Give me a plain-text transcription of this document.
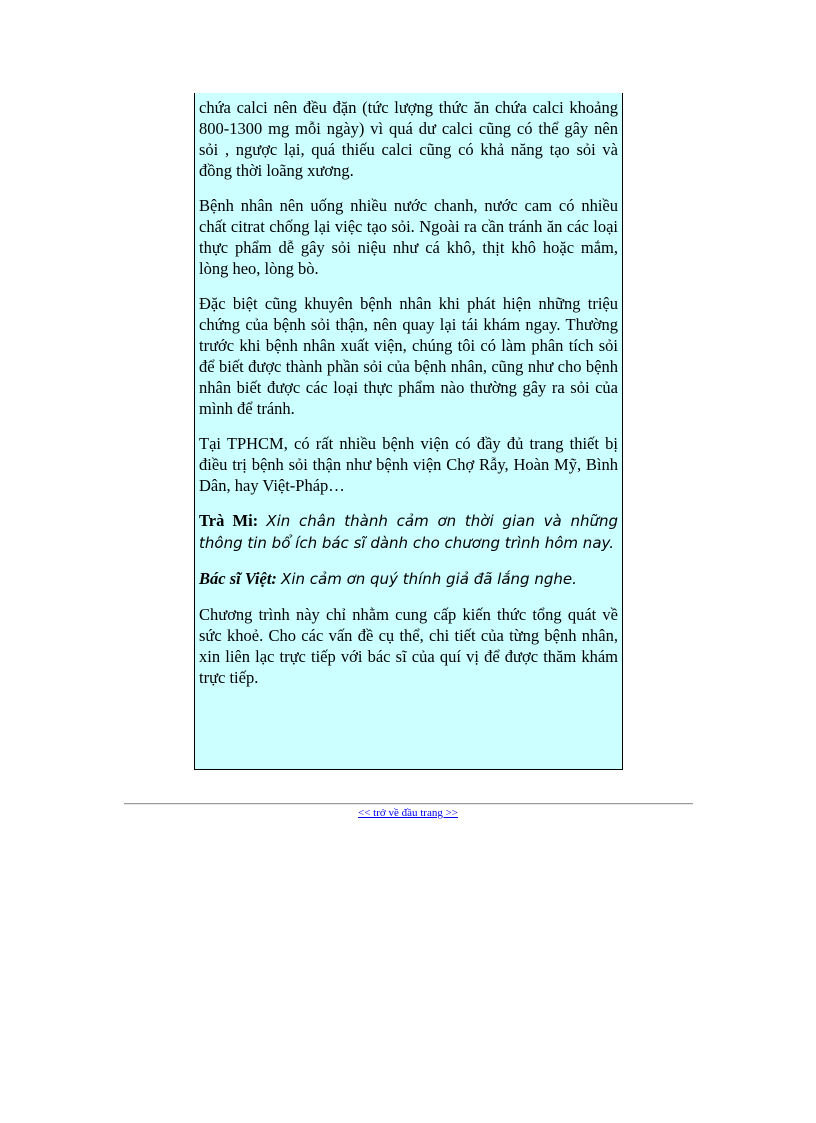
chứa calci nên đều đặn (tức lượng thức ăn chứa calci khoảng 800-1300 mg mỗi ngày) vì quá dư calci cũng có thể gây nên sỏi , ngược lại, quá thiếu calci cũng có khả năng tạo sỏi và đồng thời loãng xương.

Bệnh nhân nên uống nhiều nước chanh, nước cam có nhiều chất citrat chống lại việc tạo sỏi. Ngoài ra cần tránh ăn các loại thực phẩm dễ gây sỏi niệu như cá khô, thịt khô hoặc mắm, lòng heo, lòng bò.

Đặc biệt cũng khuyên bệnh nhân khi phát hiện những triệu chứng của bệnh sỏi thận, nên quay lại tái khám ngay. Thường trước khi bệnh nhân xuất viện, chúng tôi có làm phân tích sỏi để biết được thành phần sỏi của bệnh nhân, cũng như cho bệnh nhân biết được các loại thực phẩm nào thường gây ra sỏi của mình để tránh.

Tại TPHCM, có rất nhiều bệnh viện có đầy đủ trang thiết bị điều trị bệnh sỏi thận như bệnh viện Chợ Rẫy, Hoàn Mỹ, Bình Dân, hay Việt-Pháp…

Trà Mi: Xin chân thành cảm ơn thời gian và những thông tin bổ ích bác sĩ dành cho chương trình hôm nay.

Bác sĩ Việt: Xin cảm ơn quý thính giả đã lắng nghe.

Chương trình này chỉ nhằm cung cấp kiến thức tổng quát về sức khoẻ. Cho các vấn đề cụ thể, chi tiết của từng bệnh nhân, xin liên lạc trực tiếp với bác sĩ của quí vị để được thăm khám trực tiếp.

<< trở về đầu trang >>
